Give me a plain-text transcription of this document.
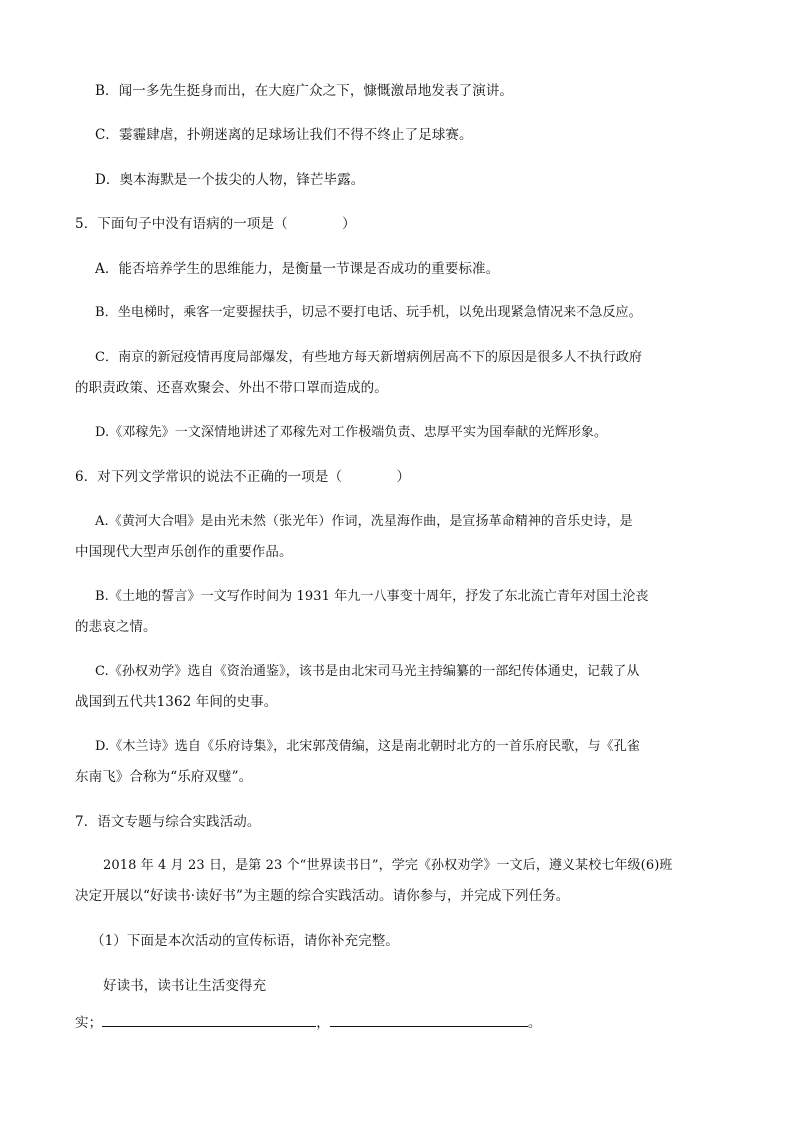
B．闻一多先生挺身而出，在大庭广众之下，慷慨激昂地发表了演讲。
C．霎霾肆虐，扑朔迷离的足球场让我们不得不终止了足球赛。
D．奥本海默是一个拔尖的人物，锋芒毕露。
5．下面句子中没有语病的一项是（　　　　）
A．能否培养学生的思维能力，是衡量一节课是否成功的重要标准。
B．坐电梯时，乘客一定要握扶手，切忌不要打电话、玩手机，以免出现紧急情况来不急反应。
C．南京的新冠疫情再度局部爆发，有些地方每天新增病例居高不下的原因是很多人不执行政府
的职责政策、还喜欢聚会、外出不带口罩而造成的。
D.《邓稼先》一文深情地讲述了邓稼先对工作极端负责、忠厚平实为国奉献的光辉形象。
6．对下列文学常识的说法不正确的一项是（　　　　）
A.《黄河大合唱》是由光未然（张光年）作词，冼星海作曲，是宣扬革命精神的音乐史诗，是
中国现代大型声乐创作的重要作品。
B.《土地的誓言》一文写作时间为 1931 年九一八事变十周年，抒发了东北流亡青年对国土沦丧
的悲哀之情。
C.《孙权劝学》选自《资治通鉴》，该书是由北宋司马光主持编纂的一部纪传体通史，记载了从
战国到五代共1362 年间的史事。
D.《木兰诗》选自《乐府诗集》，北宋郭茂倩编，这是南北朝时北方的一首乐府民歌，与《孔雀
东南飞》合称为“乐府双璧”。
7．语文专题与综合实践活动。
2018 年 4 月 23 日，是第 23 个“世界读书日”，学完《孙权劝学》一文后，遵义某校七年级(6)班
决定开展以“好读书·读好书”为主题的综合实践活动。请你参与，并完成下列任务。
（1）下面是本次活动的宣传标语，请你补充完整。
好读书，读书让生活变得充
实；	，	。
